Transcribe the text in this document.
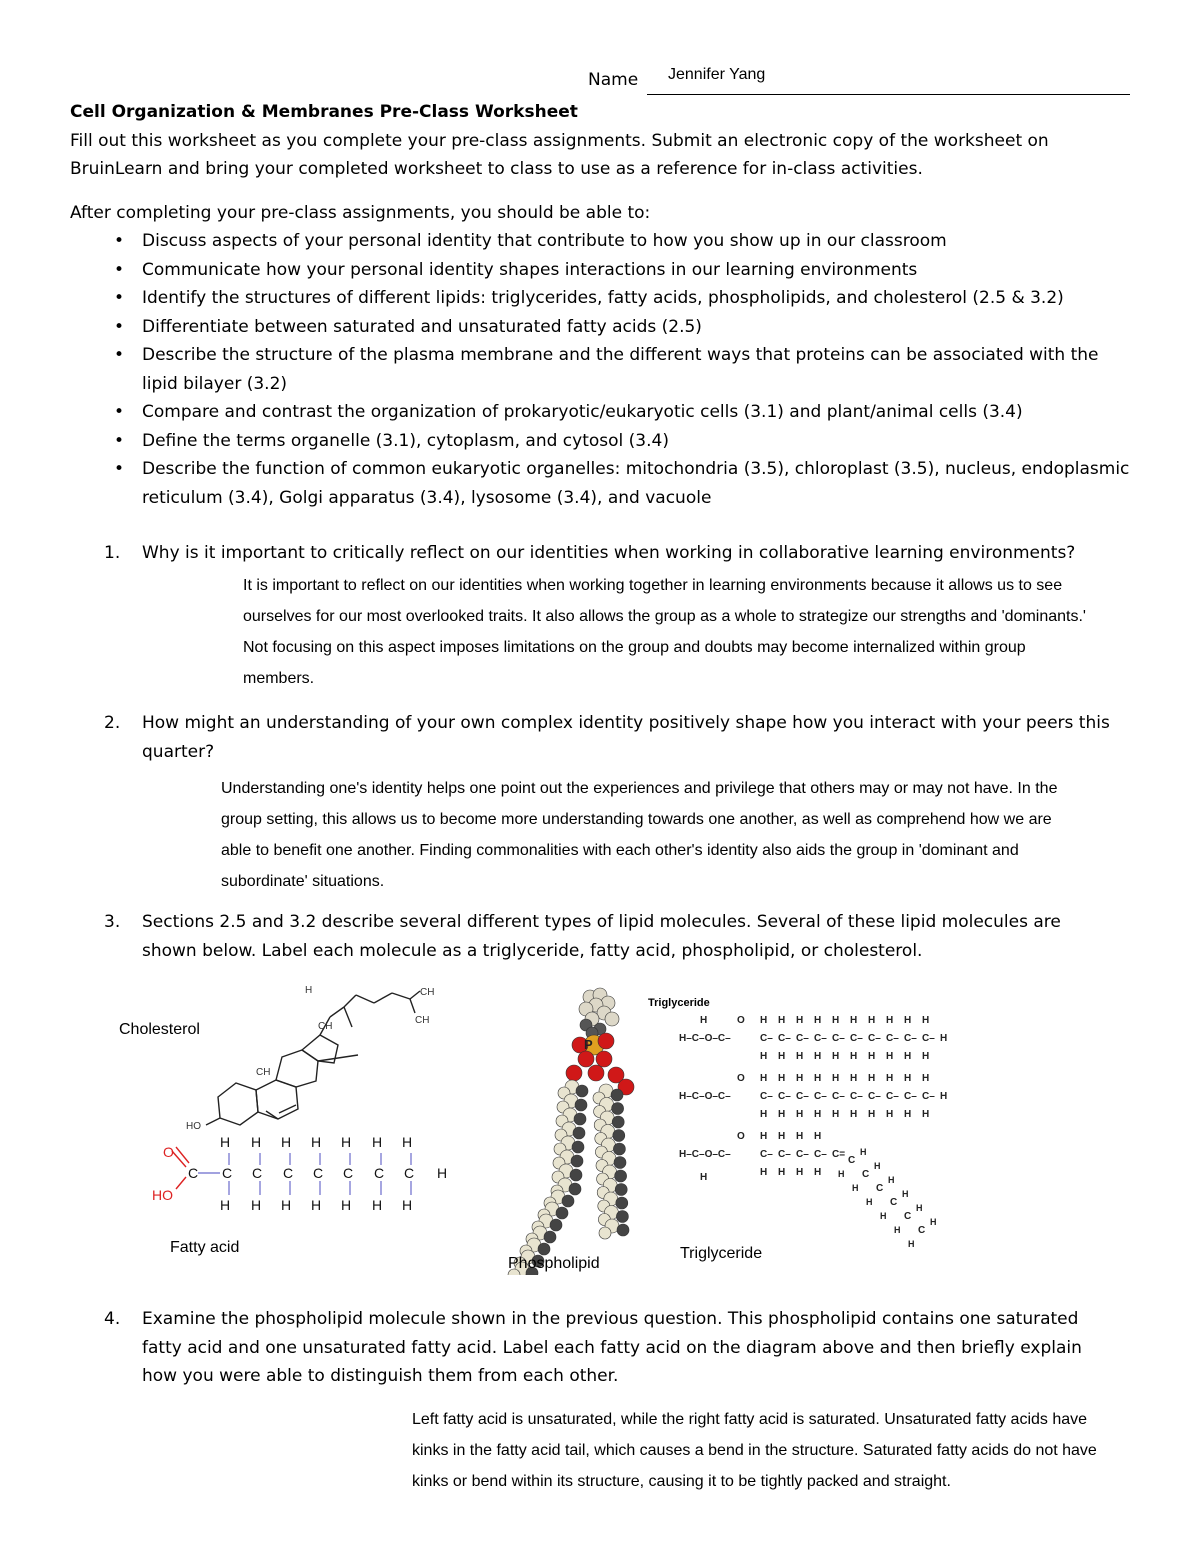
Name Jennifer Yang
Cell Organization & Membranes Pre-Class Worksheet
Fill out this worksheet as you complete your pre-class assignments. Submit an electronic copy of the worksheet on BruinLearn and bring your completed worksheet to class to use as a reference for in-class activities.
After completing your pre-class assignments, you should be able to:
• Discuss aspects of your personal identity that contribute to how you show up in our classroom
• Communicate how your personal identity shapes interactions in our learning environments
• Identify the structures of different lipids: triglycerides, fatty acids, phospholipids, and cholesterol (2.5 & 3.2)
• Differentiate between saturated and unsaturated fatty acids (2.5)
• Describe the structure of the plasma membrane and the different ways that proteins can be associated with the lipid bilayer (3.2)
• Compare and contrast the organization of prokaryotic/eukaryotic cells (3.1) and plant/animal cells (3.4)
• Define the terms organelle (3.1), cytoplasm, and cytosol (3.4)
• Describe the function of common eukaryotic organelles: mitochondria (3.5), chloroplast (3.5), nucleus, endoplasmic reticulum (3.4), Golgi apparatus (3.4), lysosome (3.4), and vacuole
1. Why is it important to critically reflect on our identities when working in collaborative learning environments?
It is important to reflect on our identities when working together in learning environments because it allows us to see ourselves for our most overlooked traits. It also allows the group as a whole to strategize our strengths and 'dominants.' Not focusing on this aspect imposes limitations on the group and doubts may become internalized within group members.
2. How might an understanding of your own complex identity positively shape how you interact with your peers this quarter?
Understanding one's identity helps one point out the experiences and privilege that others may or may not have. In the group setting, this allows us to become more understanding towards one another, as well as comprehend how we are able to benefit one another. Finding commonalities with each other's identity also aids the group in 'dominant and subordinate' situations.
3. Sections 2.5 and 3.2 describe several different types of lipid molecules. Several of these lipid molecules are shown below. Label each molecule as a triglyceride, fatty acid, phospholipid, or cholesterol.
HO
CH
CH
H	CH
CH
O
HO
C C C C C C C C H
H H H H H H H
H H H H H H H
P
H
H–C–O–C–
O
H–C–O–C–
O
H–C–O–C–
O
H
C–
H
H
C–
H
H
C–
H
H
C–
H
H
C–
H
H
C–
H
H
C–
H
H
C–
H
H
C–
H
H
C–
H
H
H
C–
H
H
C–
H
H
C–
H
H
C–
H
H
C–
H
H
C–
H
H
C–
H
H
C–
H
H
C–
H
H
C–
H
H
H
C–
H
H
C–
H
H
C–
H
H
C–
H
H
C=
C
H
H
C
H
H
C
H
H
C
H
H
C
H
H
C
H
H
Cholesterol
Fatty acid
Phospholipid
Triglyceride
Triglyceride
4. Examine the phospholipid molecule shown in the previous question. This phospholipid contains one saturated fatty acid and one unsaturated fatty acid. Label each fatty acid on the diagram above and then briefly explain how you were able to distinguish them from each other.
Left fatty acid is unsaturated, while the right fatty acid is saturated. Unsaturated fatty acids have kinks in the fatty acid tail, which causes a bend in the structure. Saturated fatty acids do not have kinks or bend within its structure, causing it to be tightly packed and straight.
